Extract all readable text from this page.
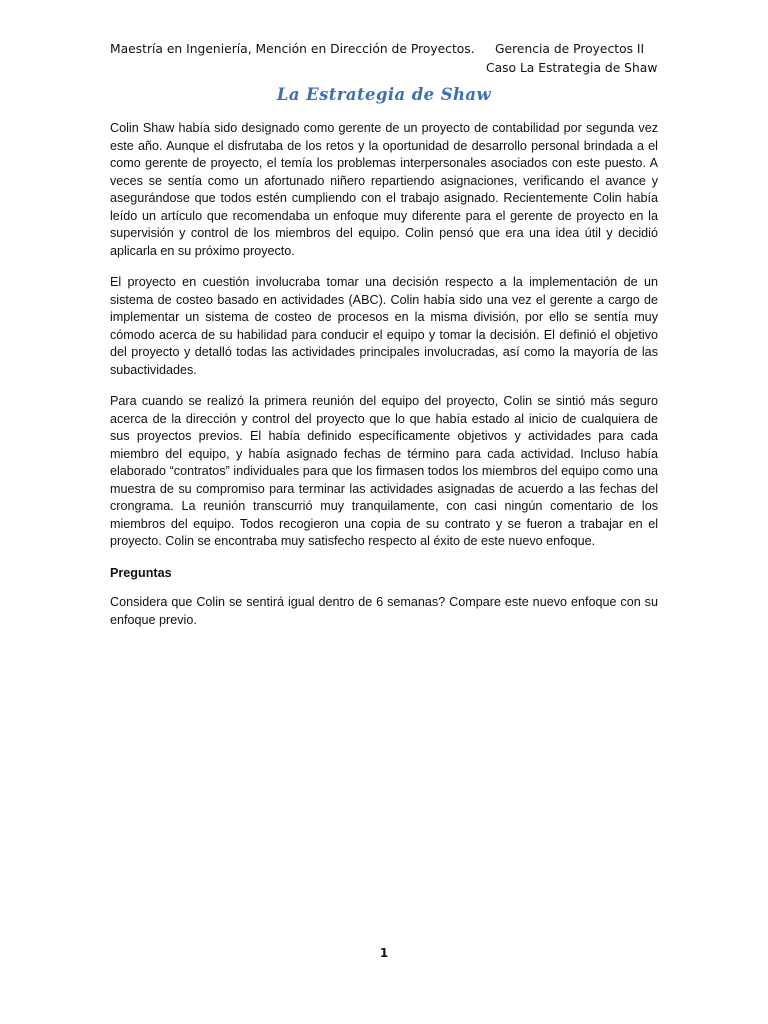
Maestría en Ingeniería, Mención en Dirección de Proyectos. Gerencia de Proyectos II
Caso La Estrategia de Shaw
La Estrategia de Shaw

Colin Shaw había sido designado como gerente de un proyecto de contabilidad por segunda vez este año. Aunque el disfrutaba de los retos y la oportunidad de desarrollo personal brindada a el como gerente de proyecto, el temía los problemas interpersonales asociados con este puesto. A veces se sentía como un afortunado niñero repartiendo asignaciones, verificando el avance y asegurándose que todos estén cumpliendo con el trabajo asignado. Recientemente Colin había leído un artículo que recomendaba un enfoque muy diferente para el gerente de proyecto en la supervisión y control de los miembros del equipo. Colin pensó que era una idea útil y decidió aplicarla en su próximo proyecto.

El proyecto en cuestión involucraba tomar una decisión respecto a la implementación de un sistema de costeo basado en actividades (ABC). Colin había sido una vez el gerente a cargo de implementar un sistema de costeo de procesos en la misma división, por ello se sentía muy cómodo acerca de su habilidad para conducir el equipo y tomar la decisión. El definió el objetivo del proyecto y detalló todas las actividades principales involucradas, así como la mayoría de las subactividades.

Para cuando se realizó la primera reunión del equipo del proyecto, Colin se sintió más seguro acerca de la dirección y control del proyecto que lo que había estado al inicio de cualquiera de sus proyectos previos. El había definido específicamente objetivos y actividades para cada miembro del equipo, y había asignado fechas de término para cada actividad. Incluso había elaborado “contratos” individuales para que los firmasen todos los miembros del equipo como una muestra de su compromiso para terminar las actividades asignadas de acuerdo a las fechas del crongrama. La reunión transcurrió muy tranquilamente, con casi ningún comentario de los miembros del equipo. Todos recogieron una copia de su contrato y se fueron a trabajar en el proyecto. Colin se encontraba muy satisfecho respecto al éxito de este nuevo enfoque.

Preguntas

Considera que Colin se sentirá igual dentro de 6 semanas? Compare este nuevo enfoque con su enfoque previo.

1
